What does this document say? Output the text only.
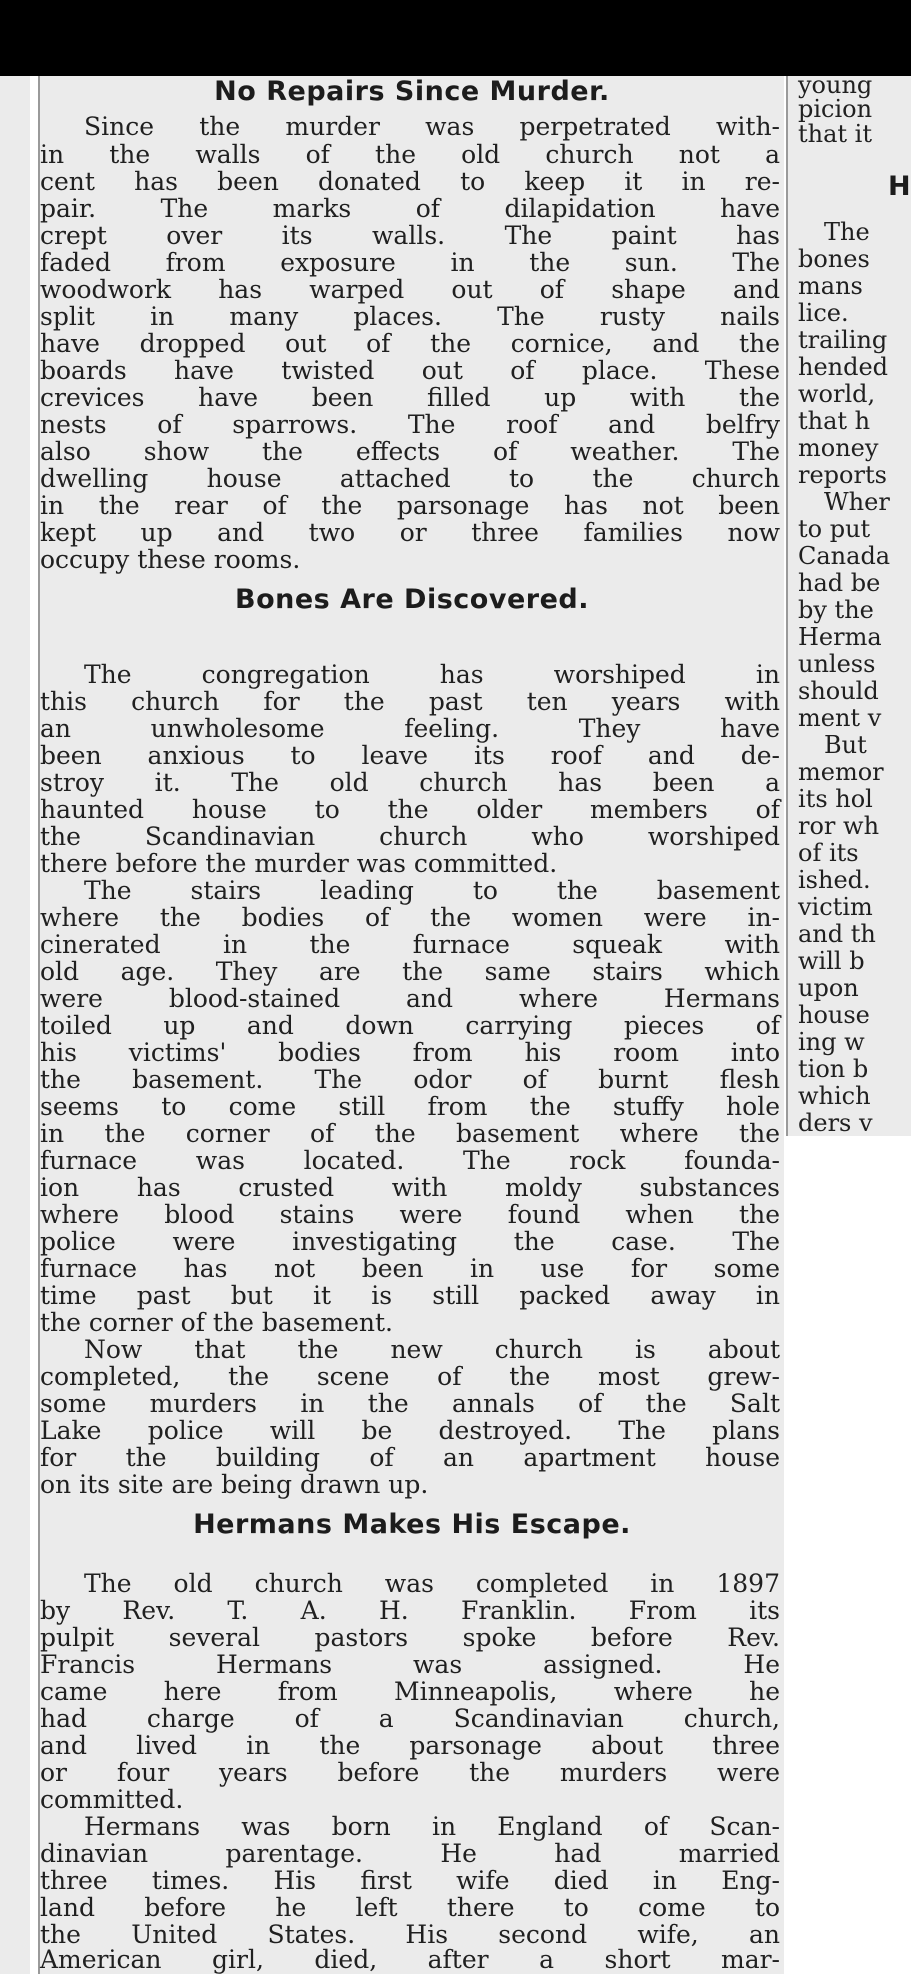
No Repairs Since Murder.
Since the murder was perpetrated with-
in the walls of the old church not a
cent has been donated to keep it in re-
pair. The marks of dilapidation have
crept over its walls. The paint has
faded from exposure in the sun. The
woodwork has warped out of shape and
split in many places. The rusty nails
have dropped out of the cornice, and the
boards have twisted out of place. These
crevices have been filled up with the
nests of sparrows. The roof and belfry
also show the effects of weather. The
dwelling house attached to the church
in the rear of the parsonage has not been
kept up and two or three families now
occupy these rooms.
Bones Are Discovered.
The congregation has worshiped in
this church for the past ten years with
an unwholesome feeling. They have
been anxious to leave its roof and de-
stroy it. The old church has been a
haunted house to the older members of
the Scandinavian church who worshiped
there before the murder was committed.
The stairs leading to the basement
where the bodies of the women were in-
cinerated in the furnace squeak with
old age. They are the same stairs which
were blood-stained and where Hermans
toiled up and down carrying pieces of
his victims' bodies from his room into
the basement. The odor of burnt flesh
seems to come still from the stuffy hole
in the corner of the basement where the
furnace was located. The rock founda-
ion has crusted with moldy substances
where blood stains were found when the
police were investigating the case. The
furnace has not been in use for some
time past but it is still packed away in
the corner of the basement.
Now that the new church is about
completed, the scene of the most grew-
some murders in the annals of the Salt
Lake police will be destroyed. The plans
for the building of an apartment house
on its site are being drawn up.
Hermans Makes His Escape.
The old church was completed in 1897
by Rev. T. A. H. Franklin. From its
pulpit several pastors spoke before Rev.
Francis Hermans was assigned. He
came here from Minneapolis, where he
had charge of a Scandinavian church,
and lived in the parsonage about three
or four years before the murders were
committed.
Hermans was born in England of Scan-
dinavian parentage. He had married
three times. His first wife died in Eng-
land before he left there to come to
the United States. His second wife, an
American girl, died, after a short mar-
young
picion
that it
H
The
bones
mans
lice.
trailing
hended
world,
that h
money
reports
Wher
to put
Canada
had be
by the
Herma
unless
should
ment v
But
memor
its hol
ror wh
of its
ished.
victim
and th
will b
upon
house
ing w
tion b
which
ders v
